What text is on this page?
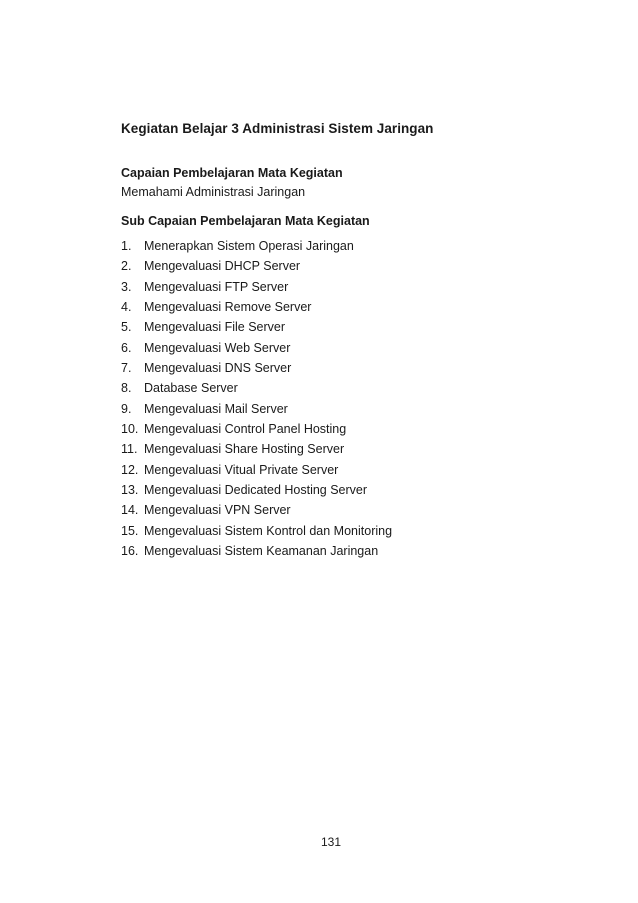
Kegiatan Belajar 3 Administrasi Sistem Jaringan
Capaian Pembelajaran Mata Kegiatan

Memahami Administrasi Jaringan

Sub Capaian Pembelajaran Mata Kegiatan
1. Menerapkan Sistem Operasi Jaringan
2. Mengevaluasi DHCP Server
3. Mengevaluasi FTP Server
4. Mengevaluasi Remove Server
5. Mengevaluasi File Server
6. Mengevaluasi Web Server
7. Mengevaluasi DNS Server
8. Database Server
9. Mengevaluasi Mail Server
10. Mengevaluasi Control Panel Hosting
11. Mengevaluasi Share Hosting Server
12. Mengevaluasi Vitual Private Server
13. Mengevaluasi Dedicated Hosting Server
14. Mengevaluasi VPN Server
15. Mengevaluasi Sistem Kontrol dan Monitoring
16. Mengevaluasi Sistem Keamanan Jaringan

131
